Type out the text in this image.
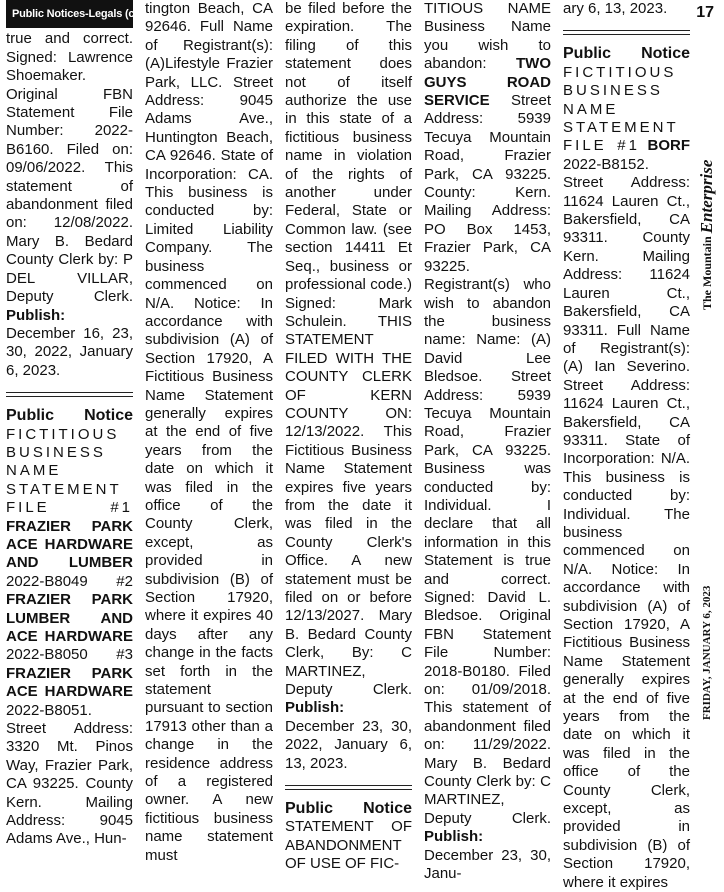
Public Notices-Legals (cont.)

true and correct. Signed: Lawrence Shoemaker. Original FBN Statement File Number: 2022-B6160. Filed on: 09/06/2022. This statement of abandonment filed on: 12/08/2022. Mary B. Bedard County Clerk by: P DEL VILLAR, Deputy Clerk. Publish: December 16, 23, 30, 2022, January 6, 2023.

Public Notice

FICTITIOUS BUSINESS NAME STATEMENT FILE #1 FRAZIER PARK ACE HARDWARE AND LUMBER 2022-B8049 #2 FRAZIER PARK LUMBER AND ACE HARDWARE 2022-B8050 #3 FRAZIER PARK ACE HARDWARE 2022-B8051. Street Address: 3320 Mt. Pinos Way, Frazier Park, CA 93225. County Kern. Mailing Address: 9045 Adams Ave., Hun-

tington Beach, CA 92646. Full Name of Registrant(s): (A)Lifestyle Frazier Park, LLC. Street Address: 9045 Adams Ave., Huntington Beach, CA 92646. State of Incorporation: CA. This business is conducted by: Limited Liability Company. The business commenced on N/A. Notice: In accordance with subdivision (A) of Section 17920, A Fictitious Business Name Statement generally expires at the end of five years from the date on which it was filed in the office of the County Clerk, except, as provided in subdivision (B) of Section 17920, where it expires 40 days after any change in the facts set forth in the statement pursuant to section 17913 other than a change in the residence address of a registered owner. A new fictitious business name statement must

be filed before the expiration. The filing of this statement does not of itself authorize the use in this state of a fictitious business name in violation of the rights of another under Federal, State or Common law. (see section 14411 Et Seq., business or professional code.) Signed: Mark Schulein. THIS STATEMENT FILED WITH THE COUNTY CLERK OF KERN COUNTY ON: 12/13/2022. This Fictitious Business Name Statement expires five years from the date it was filed in the County Clerk's Office. A new statement must be filed on or before 12/13/2027. Mary B. Bedard County Clerk, By: C MARTINEZ, Deputy Clerk. Publish: December 23, 30, 2022, January 6, 13, 2023.

Public Notice

STATEMENT OF ABANDONMENT OF USE OF FIC-

TITIOUS NAME Business Name you wish to abandon: TWO GUYS ROAD SERVICE Street Address: 5939 Tecuya Mountain Road, Frazier Park, CA 93225. County: Kern. Mailing Address: PO Box 1453, Frazier Park, CA 93225. Registrant(s) who wish to abandon the business name: Name: (A) David Lee Bledsoe. Street Address: 5939 Tecuya Mountain Road, Frazier Park, CA 93225. Business was conducted by: Individual. I declare that all information in this Statement is true and correct. Signed: David L. Bledsoe. Original FBN Statement File Number: 2018-B0180. Filed on: 01/09/2018. This statement of abandonment filed on: 11/29/2022. Mary B. Bedard County Clerk by: C MARTINEZ, Deputy Clerk. Publish: December 23, 30, Janu-

ary 6, 13, 2023.

Public Notice

FICTITIOUS BUSINESS NAME STATEMENT FILE #1 BORF 2022-B8152. Street Address: 11624 Lauren Ct., Bakersfield, CA 93311. County Kern. Mailing Address: 11624 Lauren Ct., Bakersfield, CA 93311. Full Name of Registrant(s): (A) Ian Severino. Street Address: 11624 Lauren Ct., Bakersfield, CA 93311. State of Incorporation: N/A. This business is conducted by: Individual. The business commenced on N/A. Notice: In accordance with subdivision (A) of Section 17920, A Fictitious Business Name Statement generally expires at the end of five years from the date on which it was filed in the office of the County Clerk, except, as provided in subdivision (B) of Section 17920, where it expires

17
FRIDAY, JANUARY 6, 2023
The Mountain Enterprise
